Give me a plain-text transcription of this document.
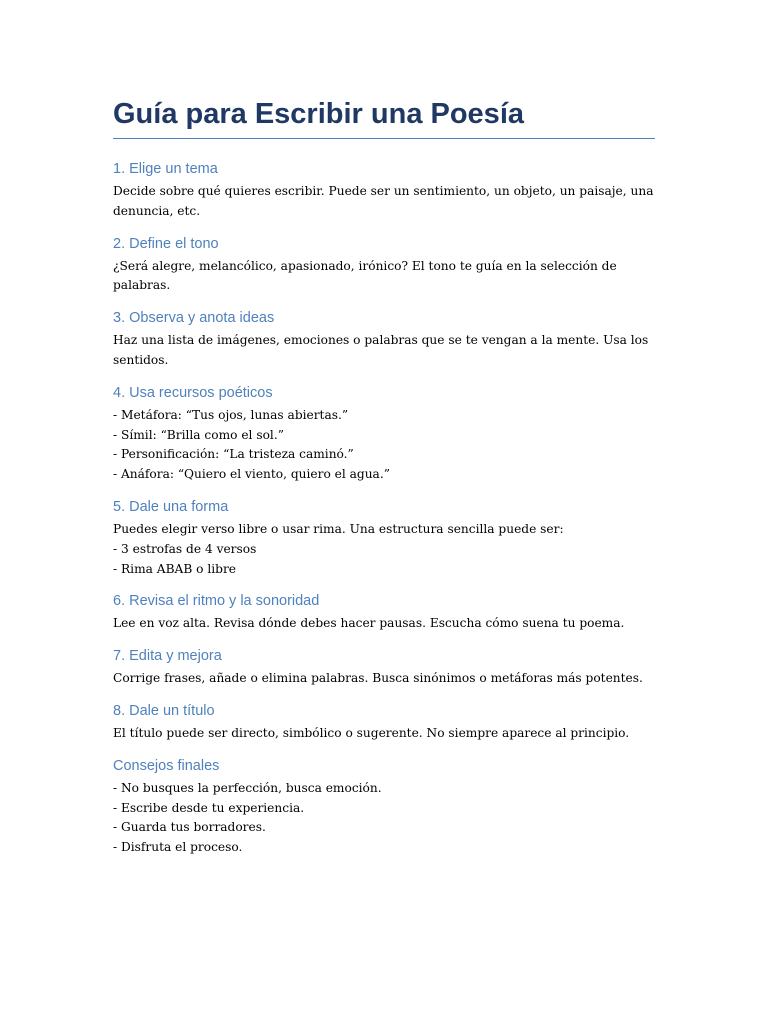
Guía para Escribir una Poesía
1. Elige un tema

Decide sobre qué quieres escribir. Puede ser un sentimiento, un objeto, un paisaje, una

denuncia, etc.

2. Define el tono

¿Será alegre, melancólico, apasionado, irónico? El tono te guía en la selección de palabras.

3. Observa y anota ideas

Haz una lista de imágenes, emociones o palabras que se te vengan a la mente. Usa los

sentidos.

4. Usa recursos poéticos

- Metáfora: “Tus ojos, lunas abiertas.”

- Símil: “Brilla como el sol.”

- Personificación: “La tristeza caminó.”

- Anáfora: “Quiero el viento, quiero el agua.”

5. Dale una forma

Puedes elegir verso libre o usar rima. Una estructura sencilla puede ser:

- 3 estrofas de 4 versos

- Rima ABAB o libre

6. Revisa el ritmo y la sonoridad

Lee en voz alta. Revisa dónde debes hacer pausas. Escucha cómo suena tu poema.

7. Edita y mejora

Corrige frases, añade o elimina palabras. Busca sinónimos o metáforas más potentes.

8. Dale un título

El título puede ser directo, simbólico o sugerente. No siempre aparece al principio.

Consejos finales

- No busques la perfección, busca emoción.

- Escribe desde tu experiencia.

- Guarda tus borradores.

- Disfruta el proceso.
